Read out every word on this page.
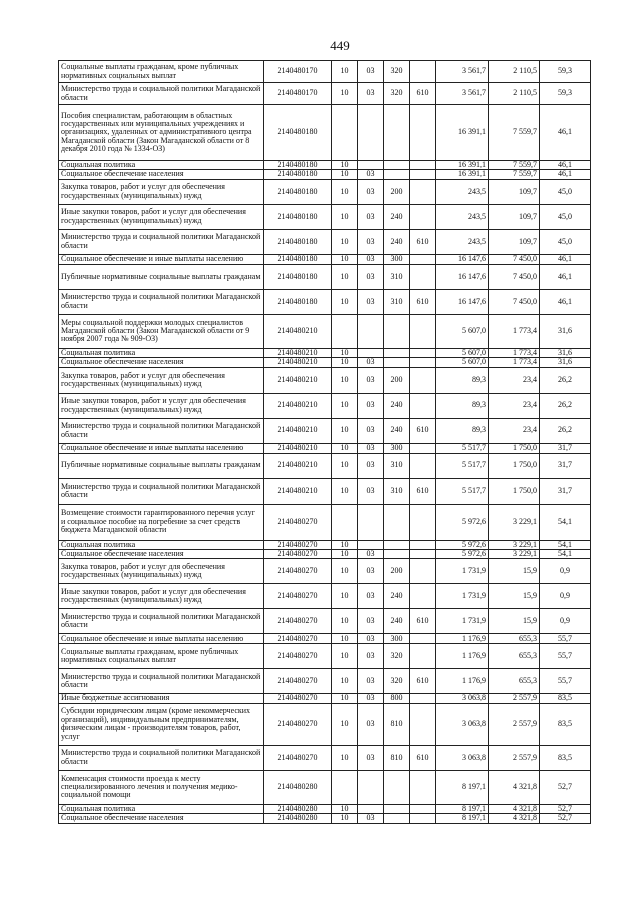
449
Социальные выплаты гражданам, кроме публичных нормативных социальных выплат	2140480170	10	03	320		3 561,7	2 110,5	59,3
Министерство труда и социальной политики Магаданской области	2140480170	10	03	320	610	3 561,7	2 110,5	59,3
Пособия специалистам, работающим в областных государственных или муниципальных учреждениях и организациях, удаленных от административного центра Магаданской области (Закон Магаданской области от 8 декабря 2010 года № 1334-ОЗ)	2140480180					16 391,1	7 559,7	46,1
Социальная политика	2140480180	10				16 391,1	7 559,7	46,1
Социальное обеспечение населения	2140480180	10	03			16 391,1	7 559,7	46,1
Закупка товаров, работ и услуг для обеспечения государственных (муниципальных) нужд	2140480180	10	03	200		243,5	109,7	45,0
Иные закупки товаров, работ и услуг для обеспечения государственных (муниципальных) нужд	2140480180	10	03	240		243,5	109,7	45,0
Министерство труда и социальной политики Магаданской области	2140480180	10	03	240	610	243,5	109,7	45,0
Социальное обеспечение и иные выплаты населению	2140480180	10	03	300		16 147,6	7 450,0	46,1
Публичные нормативные социальные выплаты гражданам	2140480180	10	03	310		16 147,6	7 450,0	46,1
Министерство труда и социальной политики Магаданской области	2140480180	10	03	310	610	16 147,6	7 450,0	46,1
Меры социальной поддержки молодых специалистов Магаданской области (Закон Магаданской области от 9 ноября 2007 года № 909-ОЗ)	2140480210					5 607,0	1 773,4	31,6
Социальная политика	2140480210	10				5 607,0	1 773,4	31,6
Социальное обеспечение населения	2140480210	10	03			5 607,0	1 773,4	31,6
Закупка товаров, работ и услуг для обеспечения государственных (муниципальных) нужд	2140480210	10	03	200		89,3	23,4	26,2
Иные закупки товаров, работ и услуг для обеспечения государственных (муниципальных) нужд	2140480210	10	03	240		89,3	23,4	26,2
Министерство труда и социальной политики Магаданской области	2140480210	10	03	240	610	89,3	23,4	26,2
Социальное обеспечение и иные выплаты населению	2140480210	10	03	300		5 517,7	1 750,0	31,7
Публичные нормативные социальные выплаты гражданам	2140480210	10	03	310		5 517,7	1 750,0	31,7
Министерство труда и социальной политики Магаданской области	2140480210	10	03	310	610	5 517,7	1 750,0	31,7
Возмещение стоимости гарантированного перечня услуг и социальное пособие на погребение за счет средств бюджета Магаданской области	2140480270					5 972,6	3 229,1	54,1
Социальная политика	2140480270	10				5 972,6	3 229,1	54,1
Социальное обеспечение населения	2140480270	10	03			5 972,6	3 229,1	54,1
Закупка товаров, работ и услуг для обеспечения государственных (муниципальных) нужд	2140480270	10	03	200		1 731,9	15,9	0,9
Иные закупки товаров, работ и услуг для обеспечения государственных (муниципальных) нужд	2140480270	10	03	240		1 731,9	15,9	0,9
Министерство труда и социальной политики Магаданской области	2140480270	10	03	240	610	1 731,9	15,9	0,9
Социальное обеспечение и иные выплаты населению	2140480270	10	03	300		1 176,9	655,3	55,7
Социальные выплаты гражданам, кроме публичных нормативных социальных выплат	2140480270	10	03	320		1 176,9	655,3	55,7
Министерство труда и социальной политики Магаданской области	2140480270	10	03	320	610	1 176,9	655,3	55,7
Иные бюджетные ассигнования	2140480270	10	03	800		3 063,8	2 557,9	83,5
Субсидии юридическим лицам (кроме некоммерческих организаций), индивидуальным предпринимателям, физическим лицам - производителям товаров, работ, услуг	2140480270	10	03	810		3 063,8	2 557,9	83,5
Министерство труда и социальной политики Магаданской области	2140480270	10	03	810	610	3 063,8	2 557,9	83,5
Компенсация стоимости проезда к месту специализированного лечения и получения медико-социальной помощи	2140480280					8 197,1	4 321,8	52,7
Социальная политика	2140480280	10				8 197,1	4 321,8	52,7
Социальное обеспечение населения	2140480280	10	03			8 197,1	4 321,8	52,7
